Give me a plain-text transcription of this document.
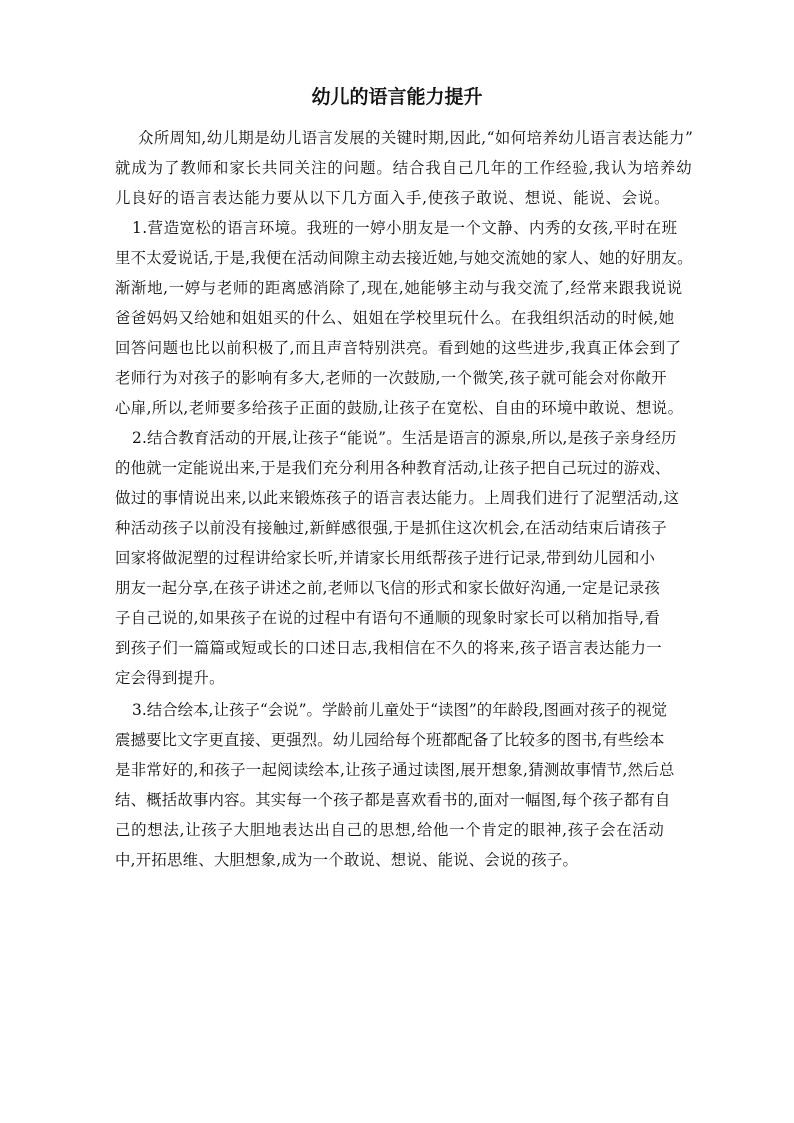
幼儿的语言能力提升

众所周知,幼儿期是幼儿语言发展的关键时期,因此,“如何培养幼儿语言表达能力”

就成为了教师和家长共同关注的问题。结合我自己几年的工作经验,我认为培养幼

儿良好的语言表达能力要从以下几方面入手,使孩子敢说、想说、能说、会说。

1.营造宽松的语言环境。我班的一婷小朋友是一个文静、内秀的女孩,平时在班

里不太爱说话,于是,我便在活动间隙主动去接近她,与她交流她的家人、她的好朋友。

渐渐地,一婷与老师的距离感消除了,现在,她能够主动与我交流了,经常来跟我说说

爸爸妈妈又给她和姐姐买的什么、姐姐在学校里玩什么。在我组织活动的时候,她

回答问题也比以前积极了,而且声音特别洪亮。看到她的这些进步,我真正体会到了

老师行为对孩子的影响有多大,老师的一次鼓励,一个微笑,孩子就可能会对你敞开

心扉,所以,老师要多给孩子正面的鼓励,让孩子在宽松、自由的环境中敢说、想说。

2.结合教育活动的开展,让孩子“能说”。生活是语言的源泉,所以,是孩子亲身经历

的他就一定能说出来,于是我们充分利用各种教育活动,让孩子把自己玩过的游戏、

做过的事情说出来,以此来锻炼孩子的语言表达能力。上周我们进行了泥塑活动,这

种活动孩子以前没有接触过,新鲜感很强,于是抓住这次机会,在活动结束后请孩子

回家将做泥塑的过程讲给家长听,并请家长用纸帮孩子进行记录,带到幼儿园和小

朋友一起分享,在孩子讲述之前,老师以飞信的形式和家长做好沟通,一定是记录孩

子自己说的,如果孩子在说的过程中有语句不通顺的现象时家长可以稍加指导,看

到孩子们一篇篇或短或长的口述日志,我相信在不久的将来,孩子语言表达能力一

定会得到提升。

3.结合绘本,让孩子“会说”。学龄前儿童处于“读图”的年龄段,图画对孩子的视觉

震撼要比文字更直接、更强烈。幼儿园给每个班都配备了比较多的图书,有些绘本

是非常好的,和孩子一起阅读绘本,让孩子通过读图,展开想象,猜测故事情节,然后总

结、概括故事内容。其实每一个孩子都是喜欢看书的,面对一幅图,每个孩子都有自

己的想法,让孩子大胆地表达出自己的思想,给他一个肯定的眼神,孩子会在活动

中,开拓思维、大胆想象,成为一个敢说、想说、能说、会说的孩子。
